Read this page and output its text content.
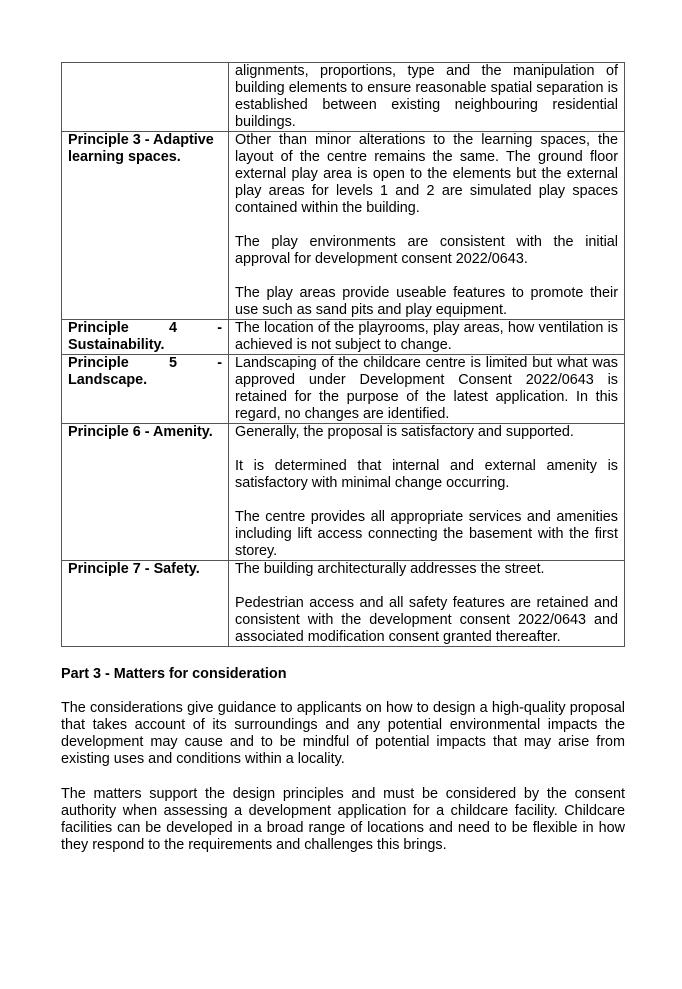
	alignments, proportions, type and the manipulation of building elements to ensure reasonable spatial separation is established between existing neighbouring residential buildings.

Principle 3 - Adaptive learning spaces.	Other than minor alterations to the learning spaces, the layout of the centre remains the same. The ground floor external play area is open to the elements but the external play areas for levels 1 and 2 are simulated play spaces contained within the building.

The play environments are consistent with the initial approval for development consent 2022/0643.

The play areas provide useable features to promote their use such as sand pits and play equipment.

Principle 4 -
Sustainability.	The location of the playrooms, play areas, how ventilation is achieved is not subject to change.

Principle 5 -
Landscape.	Landscaping of the childcare centre is limited but what was approved under Development Consent 2022/0643 is retained for the purpose of the latest application. In this regard, no changes are identified.

Principle 6 - Amenity.	Generally, the proposal is satisfactory and supported.

It is determined that internal and external amenity is satisfactory with minimal change occurring.

The centre provides all appropriate services and amenities including lift access connecting the basement with the first storey.

Principle 7 - Safety.	The building architecturally addresses the street.

Pedestrian access and all safety features are retained and consistent with the development consent 2022/0643 and associated modification consent granted thereafter.

Part 3 - Matters for consideration

The considerations give guidance to applicants on how to design a high-quality proposal that takes account of its surroundings and any potential environmental impacts the development may cause and to be mindful of potential impacts that may arise from existing uses and conditions within a locality.

The matters support the design principles and must be considered by the consent authority when assessing a development application for a childcare facility. Childcare facilities can be developed in a broad range of locations and need to be flexible in how they respond to the requirements and challenges this brings.
